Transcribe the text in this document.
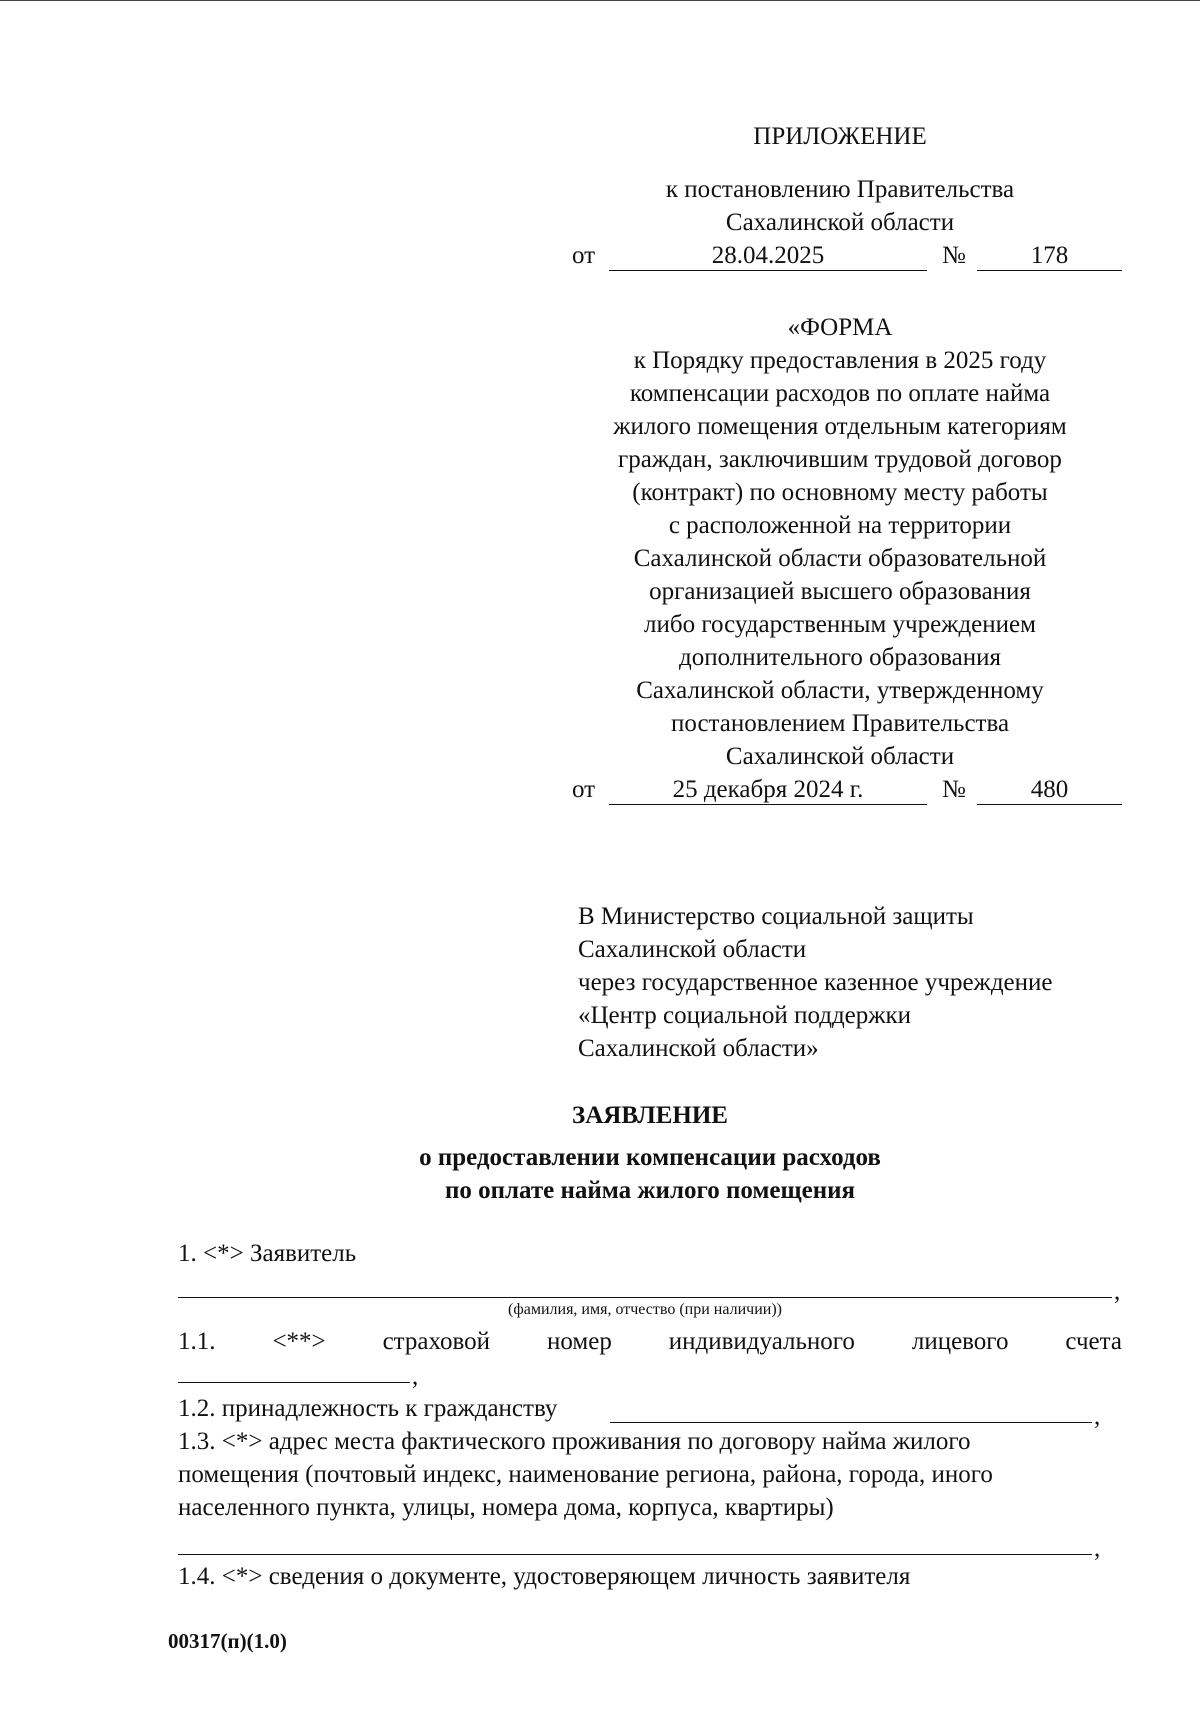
ПРИЛОЖЕНИЕ
к постановлению Правительства
Сахалинской области
от	28.04.2025	№	178
«ФОРМА
к Порядку предоставления в 2025 году
компенсации расходов по оплате найма
жилого помещения отдельным категориям
граждан, заключившим трудовой договор
(контракт) по основному месту работы
с расположенной на территории
Сахалинской области образовательной
организацией высшего образования
либо государственным учреждением
дополнительного образования
Сахалинской области, утвержденному
постановлением Правительства
Сахалинской области
от	25 декабря 2024 г.	№	480
В Министерство социальной защиты
Сахалинской области
через государственное казенное учреждение
«Центр социальной поддержки
Сахалинской области»
ЗАЯВЛЕНИЕ
о предоставлении компенсации расходов
по оплате найма жилого помещения
1. <*> Заявитель
,
(фамилия, имя, отчество (при наличии))
1.1. <**> страховой номер индивидуального лицевого счета
,
1.2. принадлежность к гражданству	,
1.3. <*> адрес места фактического проживания по договору найма жилого
помещения (почтовый индекс, наименование региона, района, города, иного
населенного пункта, улицы, номера дома, корпуса, квартиры)
,
1.4. <*> сведения о документе, удостоверяющем личность заявителя
00317(п)(1.0)
